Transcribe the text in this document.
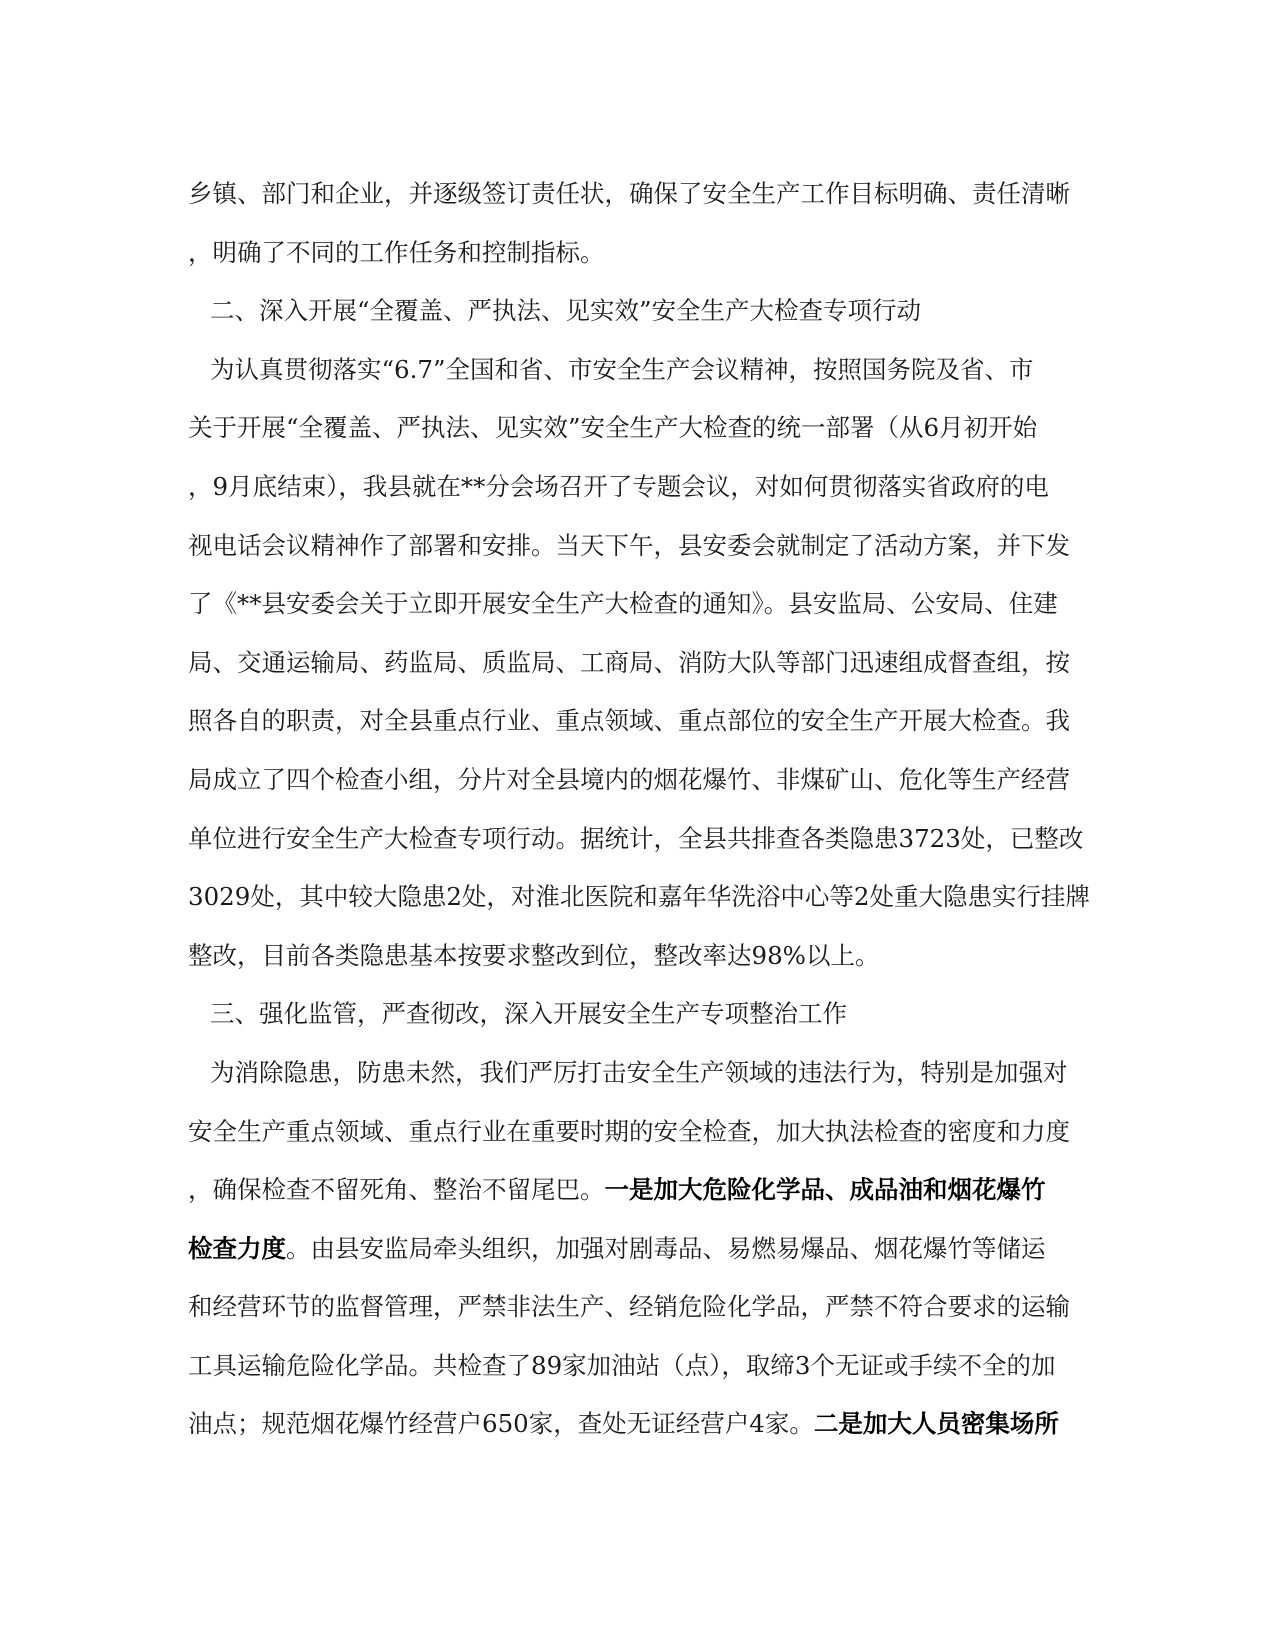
乡镇、部门和企业，并逐级签订责任状，确保了安全生产工作目标明确、责任清晰
，明确了不同的工作任务和控制指标。
二、深入开展“全覆盖、严执法、见实效”安全生产大检查专项行动
为认真贯彻落实“6.7”全国和省、市安全生产会议精神，按照国务院及省、市
关于开展“全覆盖、严执法、见实效”安全生产大检查的统一部署（从6月初开始
，9月底结束），我县就在**分会场召开了专题会议，对如何贯彻落实省政府的电
视电话会议精神作了部署和安排。当天下午，县安委会就制定了活动方案，并下发
了《**县安委会关于立即开展安全生产大检查的通知》。县安监局、公安局、住建
局、交通运输局、药监局、质监局、工商局、消防大队等部门迅速组成督查组，按
照各自的职责，对全县重点行业、重点领域、重点部位的安全生产开展大检查。我
局成立了四个检查小组，分片对全县境内的烟花爆竹、非煤矿山、危化等生产经营
单位进行安全生产大检查专项行动。据统计，全县共排查各类隐患3723处，已整改
3029处，其中较大隐患2处，对淮北医院和嘉年华洗浴中心等2处重大隐患实行挂牌
整改，目前各类隐患基本按要求整改到位，整改率达98%以上。
三、强化监管，严查彻改，深入开展安全生产专项整治工作
为消除隐患，防患未然，我们严厉打击安全生产领域的违法行为，特别是加强对
安全生产重点领域、重点行业在重要时期的安全检查，加大执法检查的密度和力度
，确保检查不留死角、整治不留尾巴。一是加大危险化学品、成品油和烟花爆竹
检查力度。由县安监局牵头组织，加强对剧毒品、易燃易爆品、烟花爆竹等储运
和经营环节的监督管理，严禁非法生产、经销危险化学品，严禁不符合要求的运输
工具运输危险化学品。共检查了89家加油站（点），取缔3个无证或手续不全的加
油点；规范烟花爆竹经营户650家，查处无证经营户4家。二是加大人员密集场所
